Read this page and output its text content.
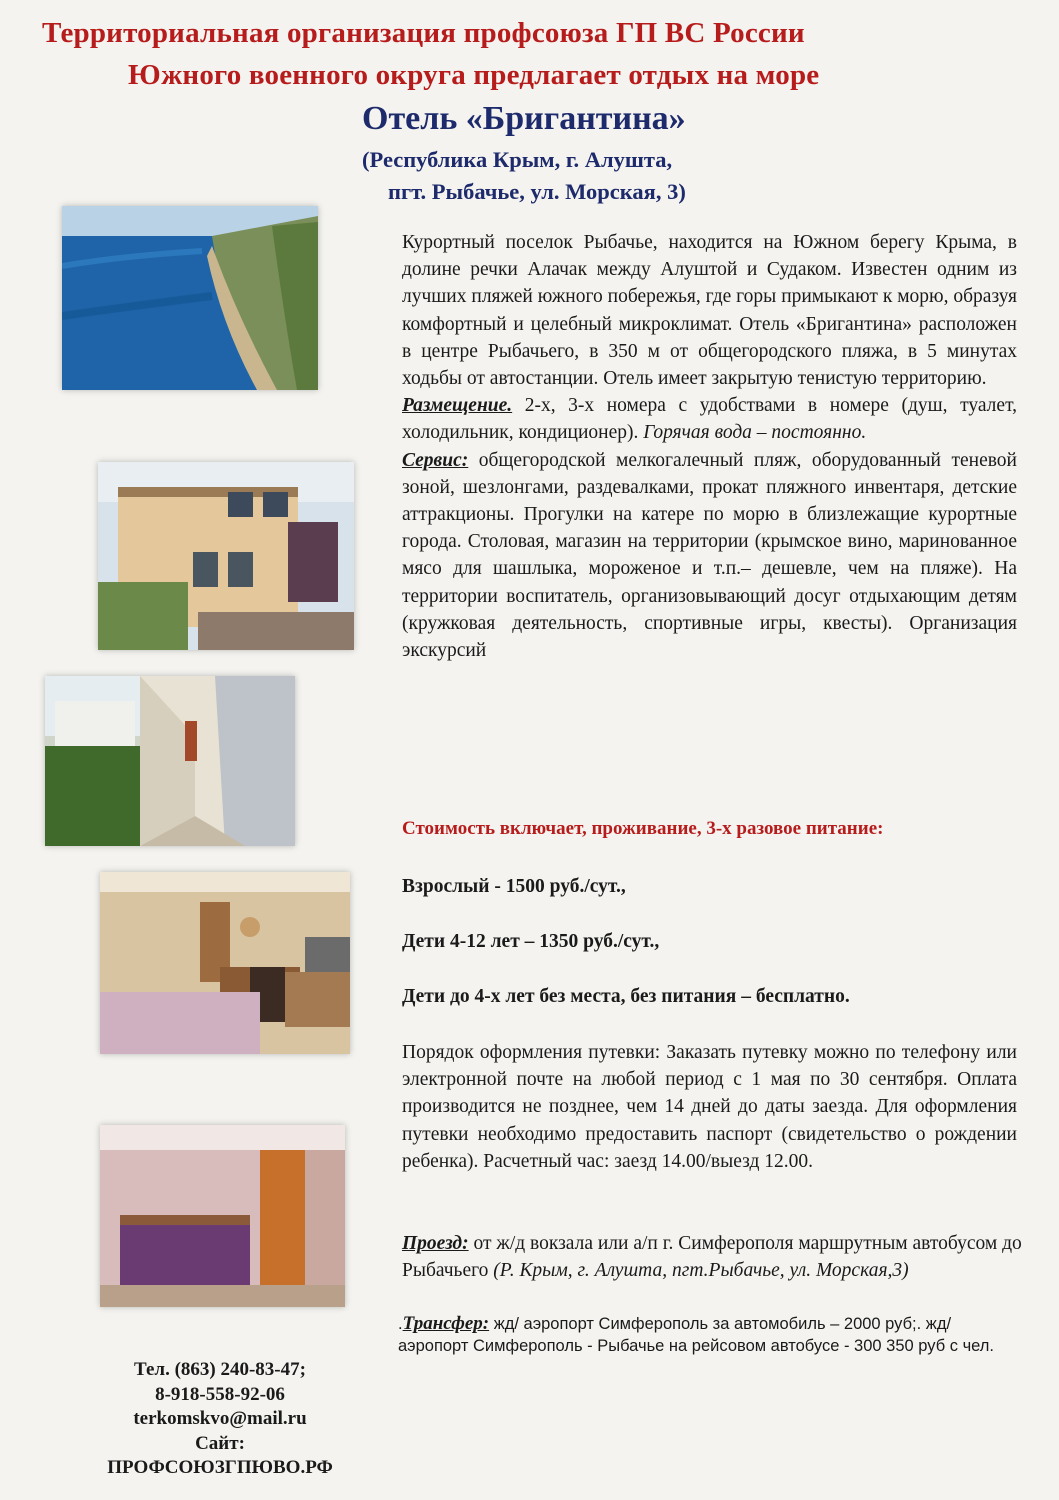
Территориальная организация профсоюза ГП ВС России
Южного военного округа предлагает отдых на море
Отель «Бригантина»
(Республика Крым, г. Алушта,
пгт. Рыбачье, ул. Морская, 3)

Курортный поселок Рыбачье, находится на Южном берегу Крыма, в долине речки Алачак между Алуштой и Судаком. Известен одним из лучших пляжей южного побережья, где горы примыкают к морю, образуя комфортный и целебный микроклимат. Отель «Бригантина» расположен в центре Рыбачьего, в 350 м от общегородского пляжа, в 5 минутах ходьбы от автостанции. Отель имеет закрытую тенистую территорию.

Размещение. 2-х, 3-х номера с удобствами в номере (душ, туалет, холодильник, кондиционер). Горячая вода – постоянно.

Сервис: общегородской мелкогалечный пляж, оборудованный теневой зоной, шезлонгами, раздевалками, прокат пляжного инвентаря, детские аттракционы. Прогулки на катере по морю в близлежащие курортные города. Столовая, магазин на территории (крымское вино, маринованное мясо для шашлыка, мороженое и т.п.– дешевле, чем на пляже). На территории воспитатель, организовывающий досуг отдыхающим детям (кружковая деятельность, спортивные игры, квесты). Организация экскурсий

Стоимость включает, проживание, 3-х разовое питание:
Взрослый - 1500 руб./сут.,
Дети 4-12 лет – 1350 руб./сут.,
Дети до 4-х лет без места, без питания – бесплатно.

Порядок оформления путевки: Заказать путевку можно по телефону или электронной почте на любой период с 1 мая по 30 сентября. Оплата производится не позднее, чем 14 дней до даты заезда. Для оформления путевки необходимо предоставить паспорт (свидетельство о рождении ребенка). Расчетный час: заезд 14.00/выезд 12.00.

Проезд: от ж/д вокзала или а/п г. Симферополя маршрутным автобусом до Рыбачьего (Р. Крым, г. Алушта, пгт.Рыбачье, ул. Морская,3)

.Трансфер: жд/ аэропорт Симферополь за автомобиль – 2000 руб;. жд/ аэропорт Симферополь - Рыбачье на рейсовом автобусе - 300 350 руб с чел.
Тел. (863) 240-83-47;
8-918-558-92-06
terkomskvo@mail.ru
Сайт:
ПРОФСОЮЗГПЮВО.РФ
